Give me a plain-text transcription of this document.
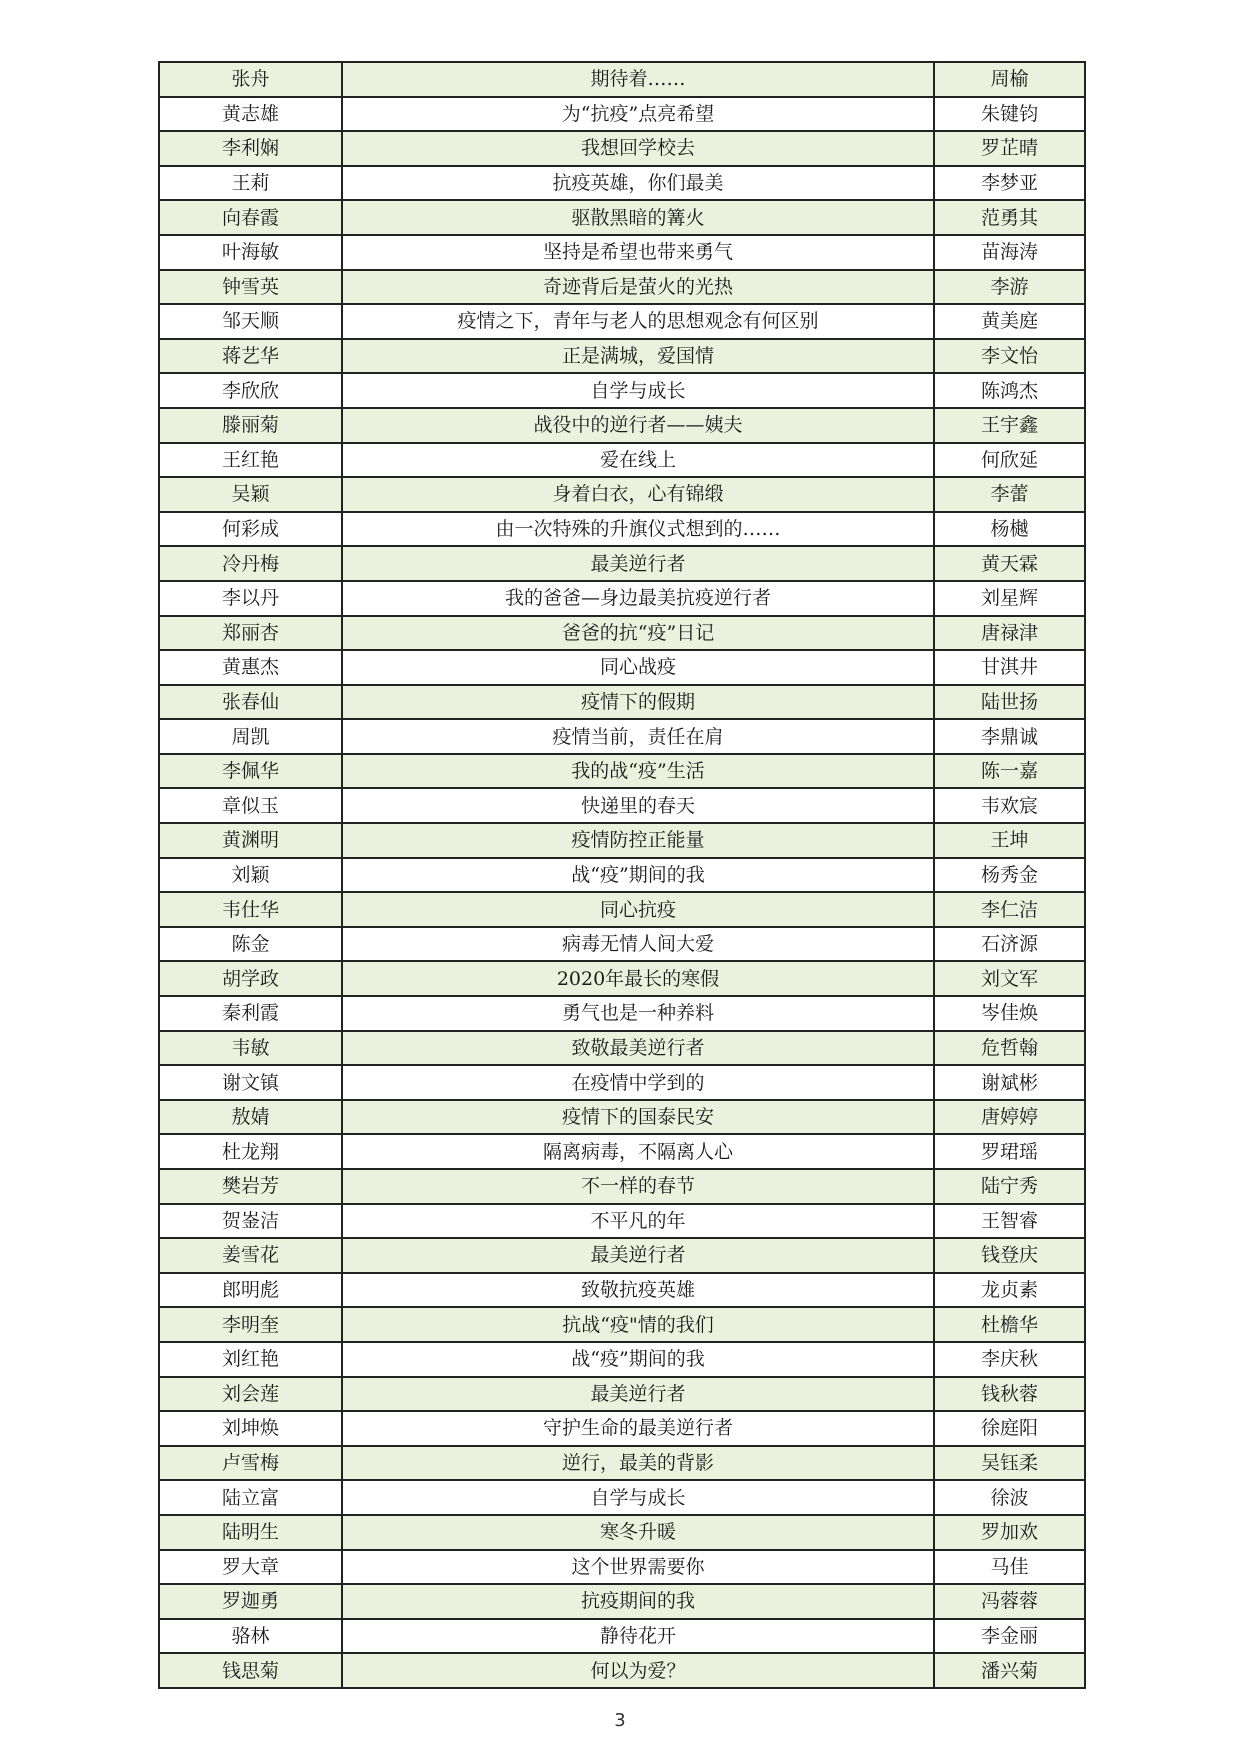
张舟	期待着……	周榆
黄志雄	为“抗疫”点亮希望	朱键钧
李利娴	我想回学校去	罗芷晴
王莉	抗疫英雄，你们最美	李梦亚
向春霞	驱散黑暗的篝火	范勇其
叶海敏	坚持是希望也带来勇气	苗海涛
钟雪英	奇迹背后是萤火的光热	李游
邹天顺	疫情之下，青年与老人的思想观念有何区别	黄美庭
蒋艺华	正是满城，爱国情	李文怡
李欣欣	自学与成长	陈鸿杰
滕丽菊	战役中的逆行者——姨夫	王宇鑫
王红艳	爱在线上	何欣延
吴颖	身着白衣，心有锦缎	李蕾
何彩成	由一次特殊的升旗仪式想到的……	杨樾
冷丹梅	最美逆行者	黄天霖
李以丹	我的爸爸—身边最美抗疫逆行者	刘星辉
郑丽杏	爸爸的抗“疫”日记	唐禄津
黄惠杰	同心战疫	甘淇井
张春仙	疫情下的假期	陆世扬
周凯	疫情当前，责任在肩	李鼎诚
李佩华	我的战“疫”生活	陈一嘉
章似玉	快递里的春天	韦欢宸
黄渊明	疫情防控正能量	王坤
刘颖	战“疫”期间的我	杨秀金
韦仕华	同心抗疫	李仁洁
陈金	病毒无情人间大爱	石济源
胡学政	2020年最长的寒假	刘文军
秦利霞	勇气也是一种养料	岑佳焕
韦敏	致敬最美逆行者	危哲翰
谢文镇	在疫情中学到的	谢斌彬
敖婧	疫情下的国泰民安	唐婷婷
杜龙翔	隔离病毒，不隔离人心	罗珺瑶
樊岩芳	不一样的春节	陆宁秀
贺崟洁	不平凡的年	王智睿
姜雪花	最美逆行者	钱登庆
郎明彪	致敬抗疫英雄	龙贞素
李明奎	抗战“疫"情的我们	杜檐华
刘红艳	战“疫”期间的我	李庆秋
刘会莲	最美逆行者	钱秋蓉
刘坤焕	守护生命的最美逆行者	徐庭阳
卢雪梅	逆行，最美的背影	吴钰柔
陆立富	自学与成长	徐波
陆明生	寒冬升暖	罗加欢
罗大章	这个世界需要你	马佳
罗迦勇	抗疫期间的我	冯蓉蓉
骆林	静待花开	李金丽
钱思菊	何以为爱？	潘兴菊
3
